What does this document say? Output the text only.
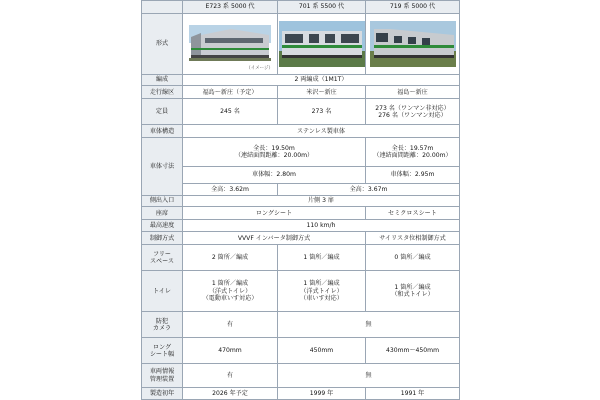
	E723 系 5000 代	701 系 5500 代	719 系 5000 代
形式	（イメージ）

編成	2 両編成（1M1T）		
走行線区	福島～新庄（予定）	米沢～新庄	福島～新庄
定員	245 名	273 名	273 名（ワンマン非対応）
276 名（ワンマン対応）

車体構造	ステンレス製車体		
車体寸法	全長：19.50m
（連結面間距離：20.00m）		全長：19.57m
（連結面間距離：20.00m）

	車体幅：2.80m		車体幅：2.95m
	全高：3.62m	全高：3.67m	
側出入口	片側 3 扉		
座席	ロングシート		セミクロスシート
最高速度	110 km/h		
制御方式	VVVF インバータ制御方式		サイリスタ位相制御方式

フリー
スペース	2 箇所／編成	1 箇所／編成	0 箇所／編成
トイレ	1 箇所／編成
（洋式トイレ）
（電動車いす対応）	1 箇所／編成
（洋式トイレ）
（車いす対応）	1 箇所／編成
（和式トイレ）

防犯
カメラ	有	無	

ロング
シート幅	470mm	450mm	430mm～450mm

車両情報
管理装置	有	無	
製造初年	2026 年予定	1999 年	1991 年
